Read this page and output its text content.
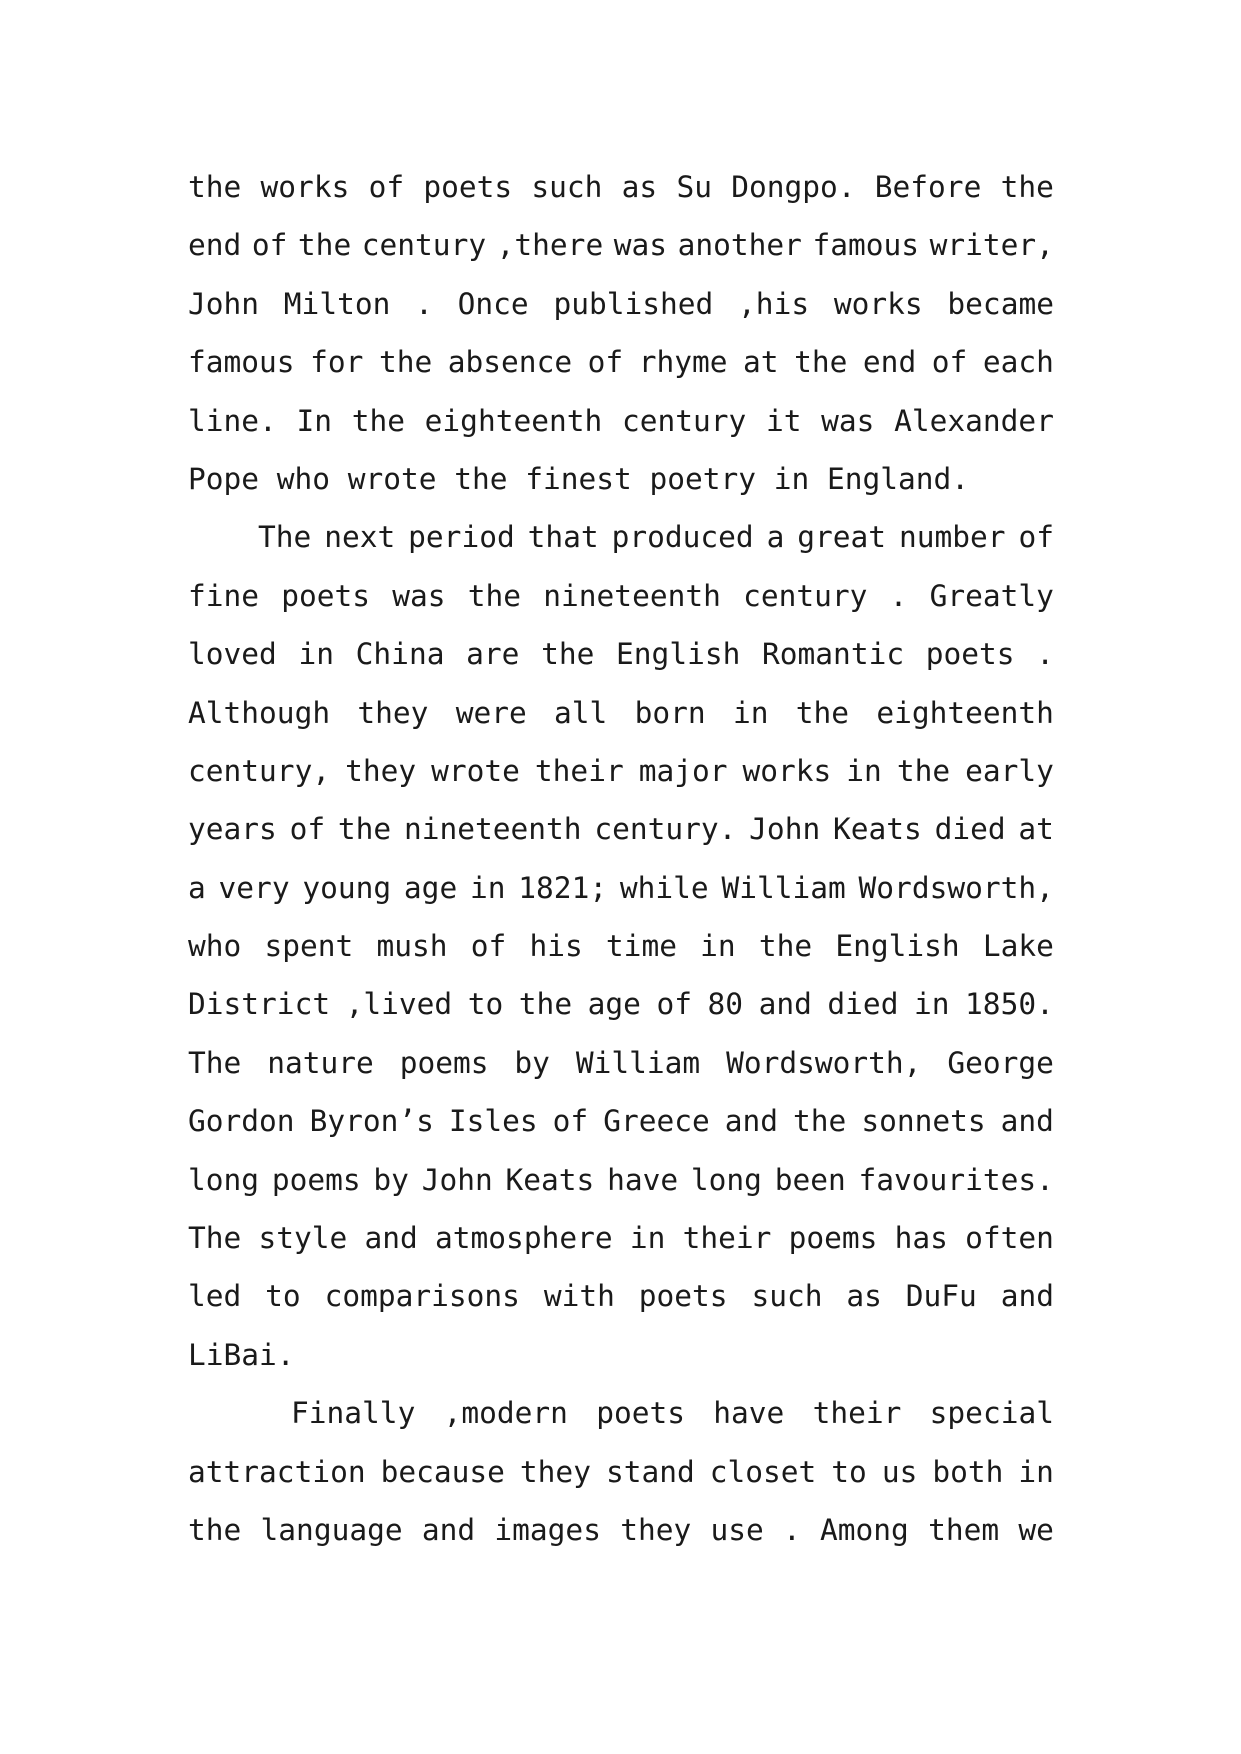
the works of poets such as Su Dongpo. Before the
end of the century ,there was another famous writer,
John Milton . Once published ,his works became
famous for the absence of rhyme at the end of each
line. In the eighteenth century it was Alexander
Pope who wrote the finest poetry in England.
The next period that produced a great number of
fine poets was the nineteenth century . Greatly
loved in China are the English Romantic poets .
Although they were all born in the eighteenth
century, they wrote their major works in the early
years of the nineteenth century. John Keats died at
a very young age in 1821; while William Wordsworth,
who spent mush of his time in the English Lake
District ,lived to the age of 80 and died in 1850.
The nature poems by William Wordsworth, George
Gordon Byron’s Isles of Greece and the sonnets and
long poems by John Keats have long been favourites.
The style and atmosphere in their poems has often
led to comparisons with poets such as DuFu and
LiBai.
Finally ,modern poets have their special
attraction because they stand closet to us both in
the language and images they use . Among them we
